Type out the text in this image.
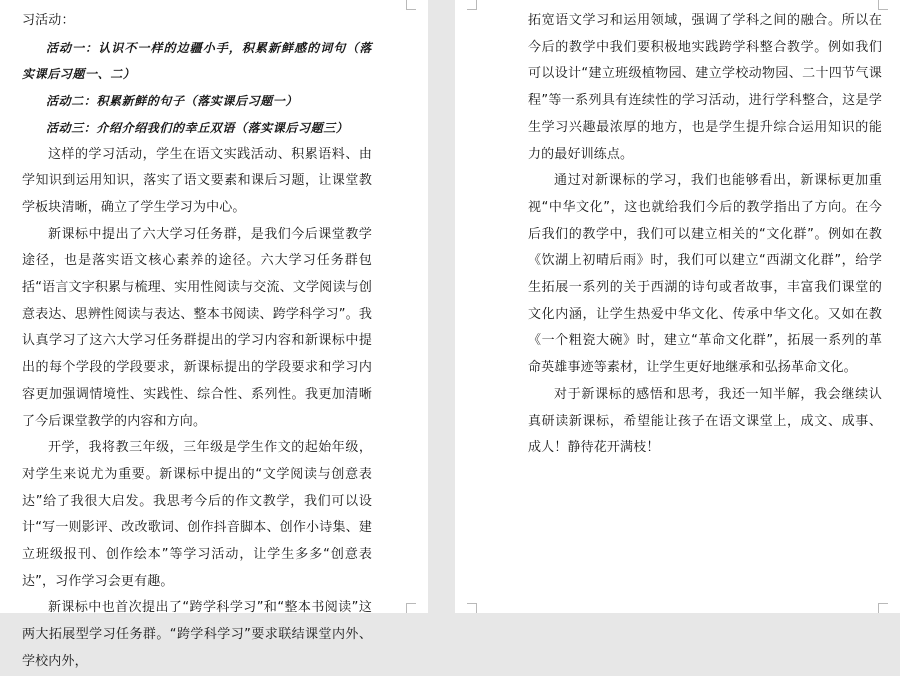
习活动：

活动一：认识不一样的边疆小手，积累新鲜感的词句（落实课后习题一、二）

活动二：积累新鲜的句子（落实课后习题一）

活动三：介绍介绍我们的幸丘双语（落实课后习题三）

这样的学习活动，学生在语文实践活动、积累语料、由学知识到运用知识，落实了语文要素和课后习题，让课堂教学板块清晰，确立了学生学习为中心。

新课标中提出了六大学习任务群，是我们今后课堂教学途径，也是落实语文核心素养的途径。六大学习任务群包括“语言文字积累与梳理、实用性阅读与交流、文学阅读与创意表达、思辨性阅读与表达、整本书阅读、跨学科学习”。我认真学习了这六大学习任务群提出的学习内容和新课标中提出的每个学段的学段要求，新课标提出的学段要求和学习内容更加强调情境性、实践性、综合性、系列性。我更加清晰了今后课堂教学的内容和方向。

开学，我将教三年级，三年级是学生作文的起始年级，对学生来说尤为重要。新课标中提出的“文学阅读与创意表达”给了我很大启发。我思考今后的作文教学，我们可以设计“写一则影评、改改歌词、创作抖音脚本、创作小诗集、建立班级报刊、创作绘本”等学习活动，让学生多多“创意表达”，习作学习会更有趣。

新课标中也首次提出了“跨学科学习”和“整本书阅读”这两大拓展型学习任务群。“跨学科学习”要求联结课堂内外、学校内外，

拓宽语文学习和运用领域，强调了学科之间的融合。所以在今后的教学中我们要积极地实践跨学科整合教学。例如我们可以设计“建立班级植物园、建立学校动物园、二十四节气课程”等一系列具有连续性的学习活动，进行学科整合，这是学生学习兴趣最浓厚的地方，也是学生提升综合运用知识的能力的最好训练点。

通过对新课标的学习，我们也能够看出，新课标更加重视“中华文化”，这也就给我们今后的教学指出了方向。在今后我们的教学中，我们可以建立相关的“文化群”。例如在教《饮湖上初晴后雨》时，我们可以建立“西湖文化群”，给学生拓展一系列的关于西湖的诗句或者故事，丰富我们课堂的文化内涵，让学生热爱中华文化、传承中华文化。又如在教《一个粗瓷大碗》时，建立“革命文化群”，拓展一系列的革命英雄事迹等素材，让学生更好地继承和弘扬革命文化。

对于新课标的感悟和思考，我还一知半解，我会继续认真研读新课标，希望能让孩子在语文课堂上，成文、成事、成人！静待花开满枝！
